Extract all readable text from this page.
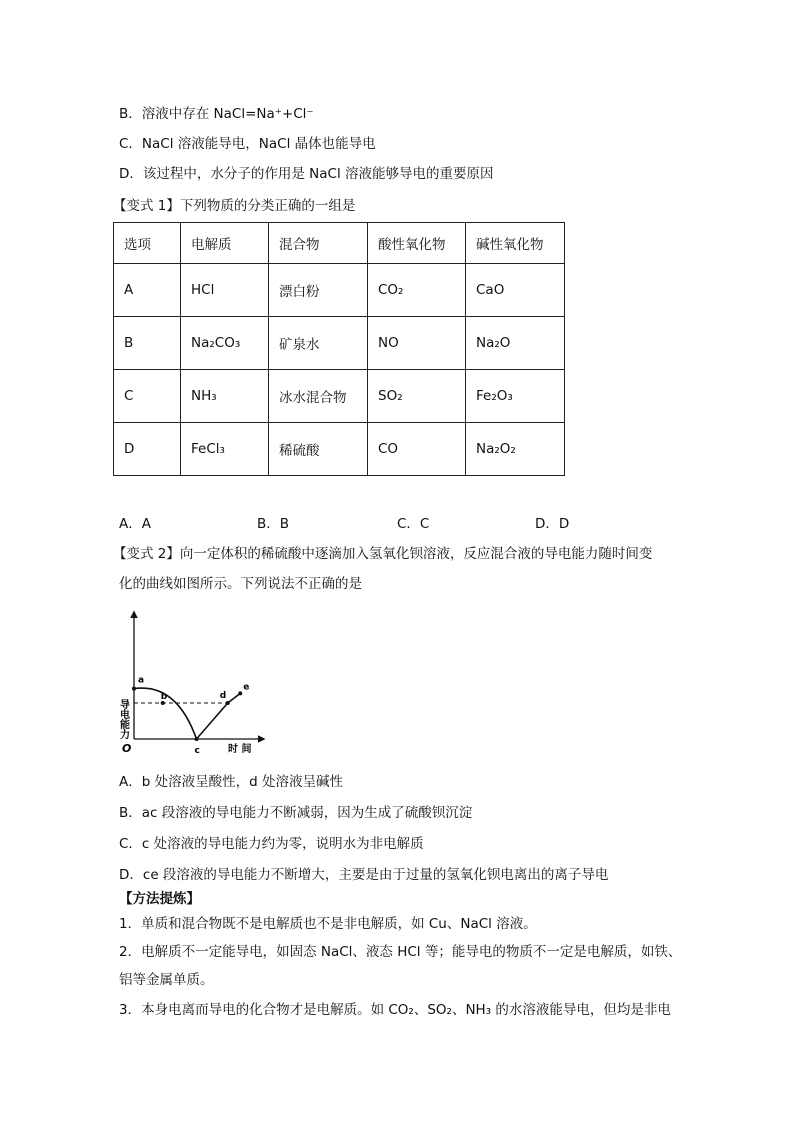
B．溶液中存在 NaCl=Na⁺+Cl⁻
C．NaCl 溶液能导电，NaCl 晶体也能导电
D．该过程中，水分子的作用是 NaCl 溶液能够导电的重要原因
【变式 1】下列物质的分类正确的一组是
选项	电解质	混合物	酸性氧化物	碱性氧化物
A	HCl	漂白粉	CO₂	CaO
B	Na₂CO₃	矿泉水	NO	Na₂O
C	NH₃	冰水混合物	SO₂	Fe₂O₃
D	FeCl₃	稀硫酸	CO	Na₂O₂
A．A	B．B	C．C	D．D
【变式 2】向一定体积的稀硫酸中逐滴加入氢氧化钡溶液，反应混合液的导电能力随时间变
化的曲线如图所示。下列说法不正确的是
导电能力
O	时 间
a
b
c
d
e
A．b 处溶液呈酸性，d 处溶液呈碱性
B．ac 段溶液的导电能力不断减弱，因为生成了硫酸钡沉淀
C．c 处溶液的导电能力约为零，说明水为非电解质
D．ce 段溶液的导电能力不断增大，主要是由于过量的氢氧化钡电离出的离子导电
【方法提炼】
1．单质和混合物既不是电解质也不是非电解质，如 Cu、NaCl 溶液。
2．电解质不一定能导电，如固态 NaCl、液态 HCl 等；能导电的物质不一定是电解质，如铁、
铝等金属单质。
3．本身电离而导电的化合物才是电解质。如 CO₂、SO₂、NH₃ 的水溶液能导电，但均是非电
